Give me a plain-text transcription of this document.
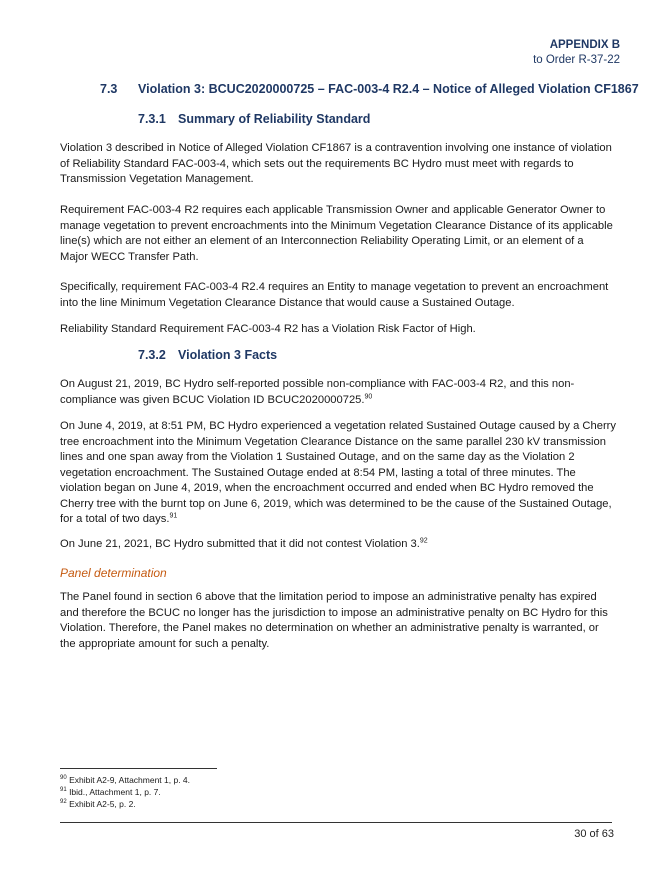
APPENDIX B
to Order R-37-22
7.3 Violation 3: BCUC2020000725 – FAC-003-4 R2.4 – Notice of Alleged Violation CF1867
7.3.1 Summary of Reliability Standard
Violation 3 described in Notice of Alleged Violation CF1867 is a contravention involving one instance of violation
of Reliability Standard FAC-003-4, which sets out the requirements BC Hydro must meet with regards to
Transmission Vegetation Management.
Requirement FAC-003-4 R2 requires each applicable Transmission Owner and applicable Generator Owner to
manage vegetation to prevent encroachments into the Minimum Vegetation Clearance Distance of its applicable
line(s) which are not either an element of an Interconnection Reliability Operating Limit, or an element of a
Major WECC Transfer Path.
Specifically, requirement FAC-003-4 R2.4 requires an Entity to manage vegetation to prevent an encroachment
into the line Minimum Vegetation Clearance Distance that would cause a Sustained Outage.
Reliability Standard Requirement FAC-003-4 R2 has a Violation Risk Factor of High.
7.3.2 Violation 3 Facts
On August 21, 2019, BC Hydro self-reported possible non-compliance with FAC-003-4 R2, and this non-
compliance was given BCUC Violation ID BCUC2020000725.90
On June 4, 2019, at 8:51 PM, BC Hydro experienced a vegetation related Sustained Outage caused by a Cherry
tree encroachment into the Minimum Vegetation Clearance Distance on the same parallel 230 kV transmission
lines and one span away from the Violation 1 Sustained Outage, and on the same day as the Violation 2
vegetation encroachment. The Sustained Outage ended at 8:54 PM, lasting a total of three minutes. The
violation began on June 4, 2019, when the encroachment occurred and ended when BC Hydro removed the
Cherry tree with the burnt top on June 6, 2019, which was determined to be the cause of the Sustained Outage,
for a total of two days.$^{91}$
On June 21, 2021, BC Hydro submitted that it did not contest Violation 3.92
Panel determination
The Panel found in section 6 above that the limitation period to impose an administrative penalty has expired
and therefore the BCUC no longer has the jurisdiction to impose an administrative penalty on BC Hydro for this
Violation. Therefore, the Panel makes no determination on whether an administrative penalty is warranted, or
the appropriate amount for such a penalty.
$^{90}$ Exhibit A2-9, Attachment 1, p. 4.
$^{91}$ Ibid., Attachment 1, p. 7.
$^{92}$ Exhibit A2-5, p. 2.
30 of 63
